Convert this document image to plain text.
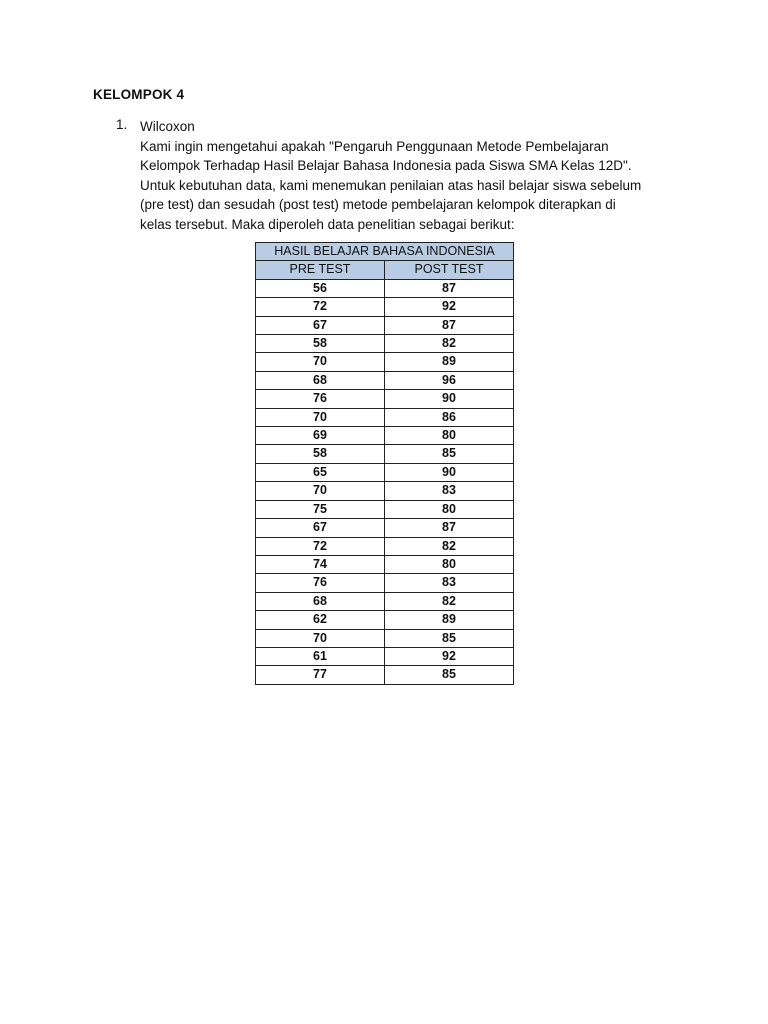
KELOMPOK 4
1. Wilcoxon
Kami ingin mengetahui apakah "Pengaruh Penggunaan Metode Pembelajaran
Kelompok Terhadap Hasil Belajar Bahasa Indonesia pada Siswa SMA Kelas 12D".
Untuk kebutuhan data, kami menemukan penilaian atas hasil belajar siswa sebelum
(pre test) dan sesudah (post test) metode pembelajaran kelompok diterapkan di
kelas tersebut. Maka diperoleh data penelitian sebagai berikut:
HASIL BELAJAR BAHASA INDONESIA	
PRE TEST	POST TEST
56	87
72	92
67	87
58	82
70	89
68	96
76	90
70	86
69	80
58	85
65	90
70	83
75	80
67	87
72	82
74	80
76	83
68	82
62	89
70	85
61	92
77	85
